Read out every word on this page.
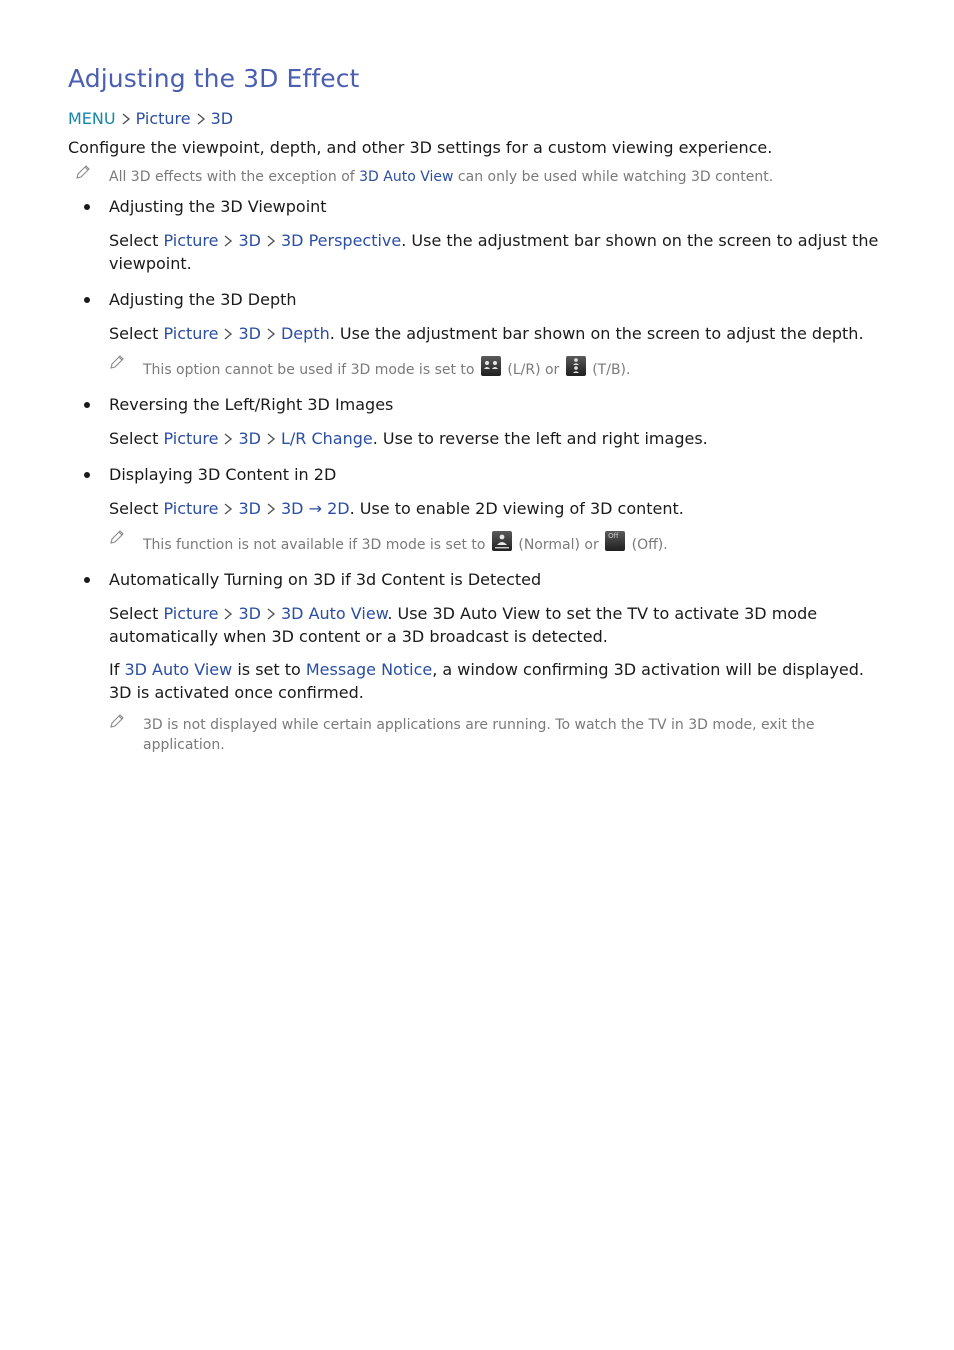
Adjusting the 3D Effect
MENU Picture 3D
Configure the viewpoint, depth, and other 3D settings for a custom viewing experience.
All 3D effects with the exception of 3D Auto View can only be used while watching 3D content.
Adjusting the 3D Viewpoint
Select Picture 3D 3D Perspective. Use the adjustment bar shown on the screen to adjust the viewpoint.
Adjusting the 3D Depth
Select Picture 3D Depth. Use the adjustment bar shown on the screen to adjust the depth.
This option cannot be used if 3D mode is set to
(L/R) or
(T/B).
Reversing the Left/Right 3D Images
Select Picture 3D L/R Change. Use to reverse the left and right images.
Displaying 3D Content in 2D
Select Picture 3D 3D → 2D. Use to enable 2D viewing of 3D content.
This function is not available if 3D mode is set to
(Normal) or
Off
(Off).
Automatically Turning on 3D if 3d Content is Detected
Select Picture 3D 3D Auto View. Use 3D Auto View to set the TV to activate 3D mode automatically when 3D content or a 3D broadcast is detected.
If 3D Auto View is set to Message Notice, a window confirming 3D activation will be displayed. 3D is activated once confirmed.
3D is not displayed while certain applications are running. To watch the TV in 3D mode, exit the application.
